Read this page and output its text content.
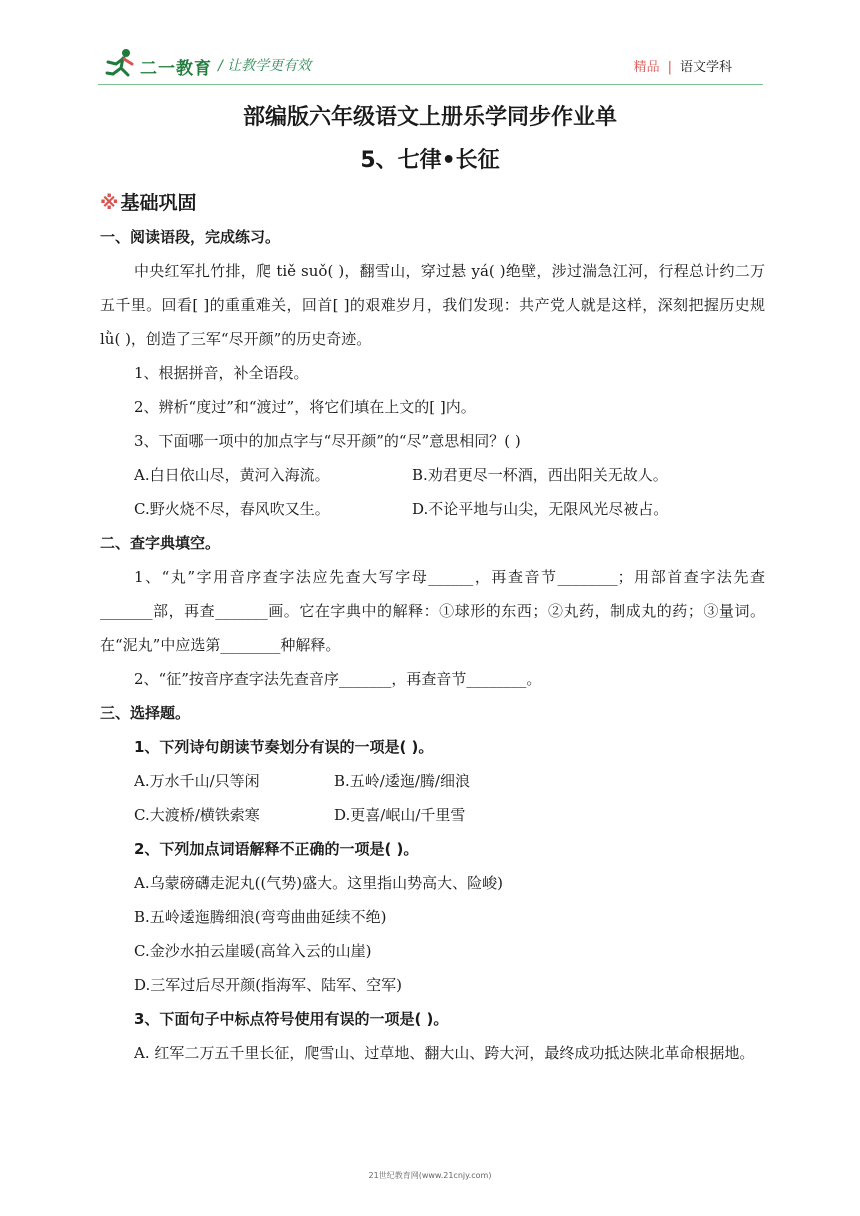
二一教育 / 让教学更有效	精品 | 语文学科
部编版六年级语文上册乐学同步作业单
5、七律•长征
※ 基础巩固
一、阅读语段，完成练习。
中央红军扎竹排，爬 tiě suǒ( )，翻雪山，穿过悬 yá( )绝壁，涉过湍急江河，行程总计约二万五千里。回看[ ]的重重难关，回首[ ]的艰难岁月，我们发现：共产党人就是这样，深刻把握历史规 lǜ( )，创造了三军“尽开颜”的历史奇迹。
1、根据拼音，补全语段。
2、辨析“度过”和“渡过”，将它们填在上文的[ ]内。
3、下面哪一项中的加点字与“尽开颜”的“尽”意思相同？( )
A.白日依山尽，黄河入海流。	B.劝君更尽一杯酒，西出阳关无故人。
C.野火烧不尽，春风吹又生。	D.不论平地与山尖，无限风光尽被占。
二、查字典填空。
1、“丸”字用音序查字法应先查大写字母______，再查音节________；用部首查字法先查_______部，再查_______画。它在字典中的解释：①球形的东西；②丸药，制成丸的药；③量词。在“泥丸”中应选第________种解释。
2、“征”按音序查字法先查音序_______，再查音节________。
三、选择题。
1、下列诗句朗读节奏划分有误的一项是( )。
A.万水千山/只等闲	B.五岭/逶迤/腾/细浪
C.大渡桥/横铁索寒	D.更喜/岷山/千里雪
2、下列加点词语解释不正确的一项是( )。
A.乌蒙磅礴走泥丸((气势)盛大。这里指山势高大、险峻)
B.五岭逶迤腾细浪(弯弯曲曲延续不绝)
C.金沙水拍云崖暖(高耸入云的山崖)
D.三军过后尽开颜(指海军、陆军、空军)
3、下面句子中标点符号使用有误的一项是( )。
A. 红军二万五千里长征，爬雪山、过草地、翻大山、跨大河，最终成功抵达陕北革命根据地。
21世纪教育网(www.21cnjy.com)
